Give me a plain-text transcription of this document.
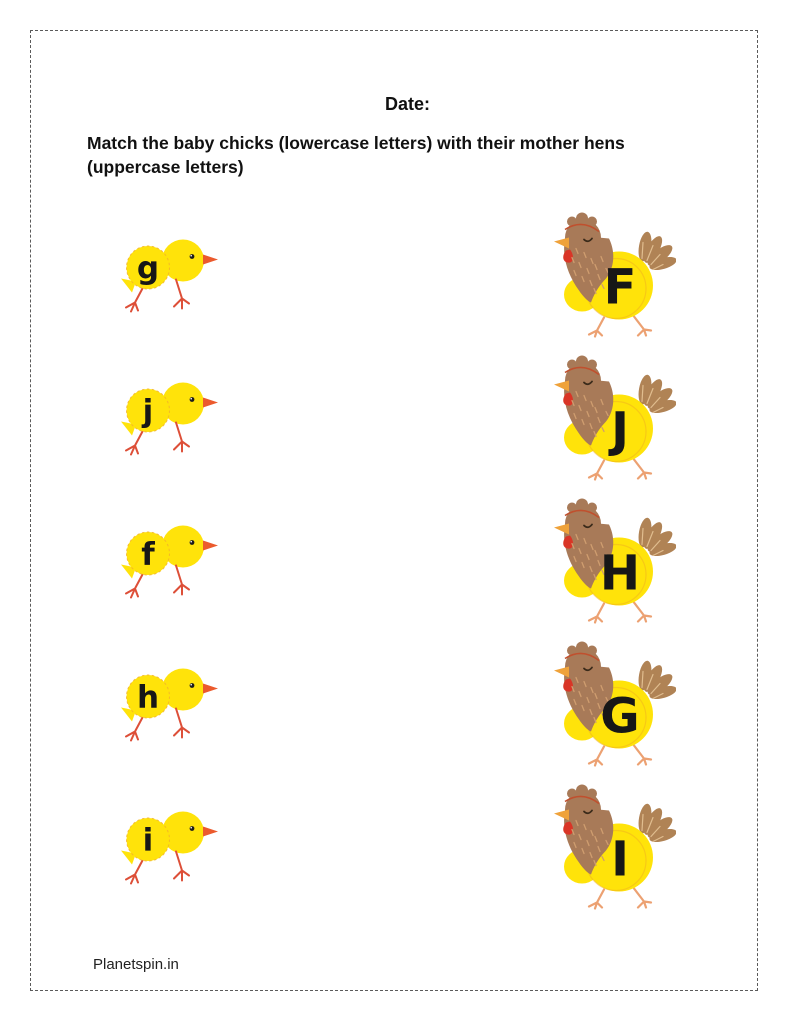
Date:
Match the baby chicks (lowercase letters) with their mother hens
(uppercase letters)
g	F
j	J
f	H
h	G
i	I
Planetspin.in
